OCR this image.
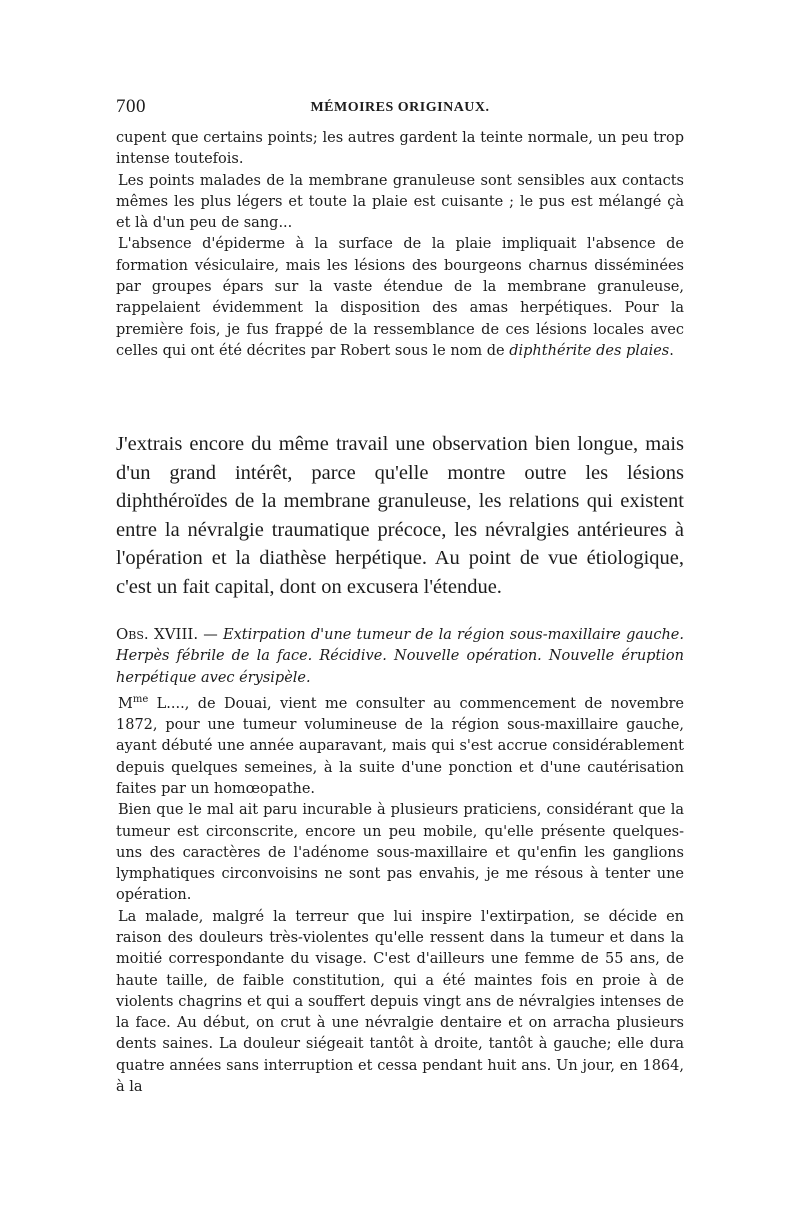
700	MÉMOIRES ORIGINAUX.

cupent que certains points; les autres gardent la teinte normale, un peu trop intense toutefois.

Les points malades de la membrane granuleuse sont sensibles aux contacts mêmes les plus légers et toute la plaie est cuisante ; le pus est mélangé çà et là d'un peu de sang...

L'absence d'épiderme à la surface de la plaie impliquait l'absence de formation vésiculaire, mais les lésions des bourgeons charnus disséminées par groupes épars sur la vaste étendue de la membrane granuleuse, rappelaient évidemment la disposition des amas herpétiques. Pour la première fois, je fus frappé de la ressemblance de ces lésions locales avec celles qui ont été décrites par Robert sous le nom de diphthérite des plaies.

J'extrais encore du même travail une observation bien longue, mais d'un grand intérêt, parce qu'elle montre outre les lésions diphthéroïdes de la membrane granuleuse, les relations qui existent entre la névralgie traumatique précoce, les névralgies antérieures à l'opération et la diathèse herpétique. Au point de vue étiologique, c'est un fait capital, dont on excusera l'étendue.

Obs. XVIII. — Extirpation d'une tumeur de la région sous-maxillaire gauche. Herpès fébrile de la face. Récidive. Nouvelle opération. Nouvelle éruption herpétique avec érysipèle.

$M^{me}$ L...., de Douai, vient me consulter au commencement de novembre 1872, pour une tumeur volumineuse de la région sous-maxillaire gauche, ayant débuté une année auparavant, mais qui s'est accrue considérablement depuis quelques semeines, à la suite d'une ponction et d'une cautérisation faites par un homœopathe.

Bien que le mal ait paru incurable à plusieurs praticiens, considérant que la tumeur est circonscrite, encore un peu mobile, qu'elle présente quelques-uns des caractères de l'adénome sous-maxillaire et qu'enfin les ganglions lymphatiques circonvoisins ne sont pas envahis, je me résous à tenter une opération.

La malade, malgré la terreur que lui inspire l'extirpation, se décide en raison des douleurs très-violentes qu'elle ressent dans la tumeur et dans la moitié correspondante du visage. C'est d'ailleurs une femme de 55 ans, de haute taille, de faible constitution, qui a été maintes fois en proie à de violents chagrins et qui a souffert depuis vingt ans de névralgies intenses de la face. Au début, on crut à une névralgie dentaire et on arracha plusieurs dents saines. La douleur siégeait tantôt à droite, tantôt à gauche; elle dura quatre années sans interruption et cessa pendant huit ans. Un jour, en 1864, à la
